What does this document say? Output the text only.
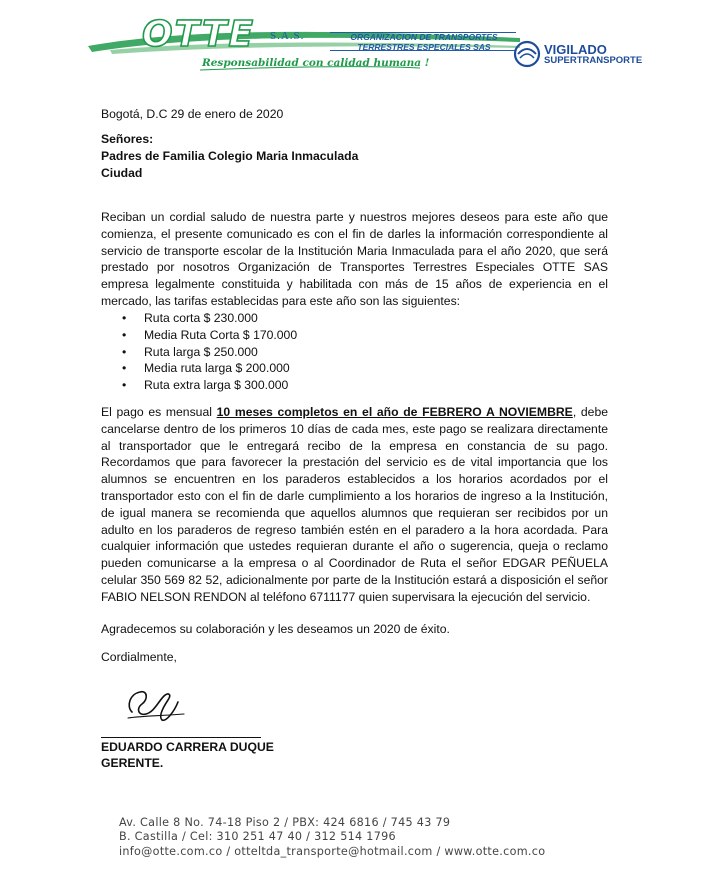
OTTE S.A.S.	ORGANIZACION DE TRANSPORTES
TERRESTRES ESPECIALES SAS
Responsabilidad con calidad humana !
VIGILADO
SUPERTRANSPORTE
Bogotá, D.C 29 de enero de 2020
Señores:
Padres de Familia Colegio Maria Inmaculada
Ciudad
Reciban un cordial saludo de nuestra parte y nuestros mejores deseos para este año que comienza, el presente comunicado es con el fin de darles la información correspondiente al servicio de transporte escolar de la Institución Maria Inmaculada para el año 2020, que será prestado por nosotros Organización de Transportes Terrestres Especiales OTTE SAS empresa legalmente constituida y habilitada con más de 15 años de experiencia en el mercado, las tarifas establecidas para este año son las siguientes:
• Ruta corta $ 230.000
• Media Ruta Corta $ 170.000
• Ruta larga $ 250.000
• Media ruta larga $ 200.000
• Ruta extra larga $ 300.000
El pago es mensual 10 meses completos en el año de FEBRERO A NOVIEMBRE, debe cancelarse dentro de los primeros 10 días de cada mes, este pago se realizara directamente al transportador que le entregará recibo de la empresa en constancia de su pago. Recordamos que para favorecer la prestación del servicio es de vital importancia que los alumnos se encuentren en los paraderos establecidos a los horarios acordados por el transportador esto con el fin de darle cumplimiento a los horarios de ingreso a la Institución, de igual manera se recomienda que aquellos alumnos que requieran ser recibidos por un adulto en los paraderos de regreso también estén en el paradero a la hora acordada. Para cualquier información que ustedes requieran durante el año o sugerencia, queja o reclamo pueden comunicarse a la empresa o al Coordinador de Ruta el señor EDGAR PEÑUELA celular 350 569 82 52, adicionalmente por parte de la Institución estará a disposición el señor FABIO NELSON RENDON al teléfono 6711177 quien supervisara la ejecución del servicio.
Agradecemos su colaboración y les deseamos un 2020 de éxito.
Cordialmente,
EDUARDO CARRERA DUQUE
GERENTE.
Av. Calle 8 No. 74-18 Piso 2 / PBX: 424 6816 / 745 43 79
B. Castilla / Cel: 310 251 47 40 / 312 514 1796
info@otte.com.co / otteltda_transporte@hotmail.com / www.otte.com.co
